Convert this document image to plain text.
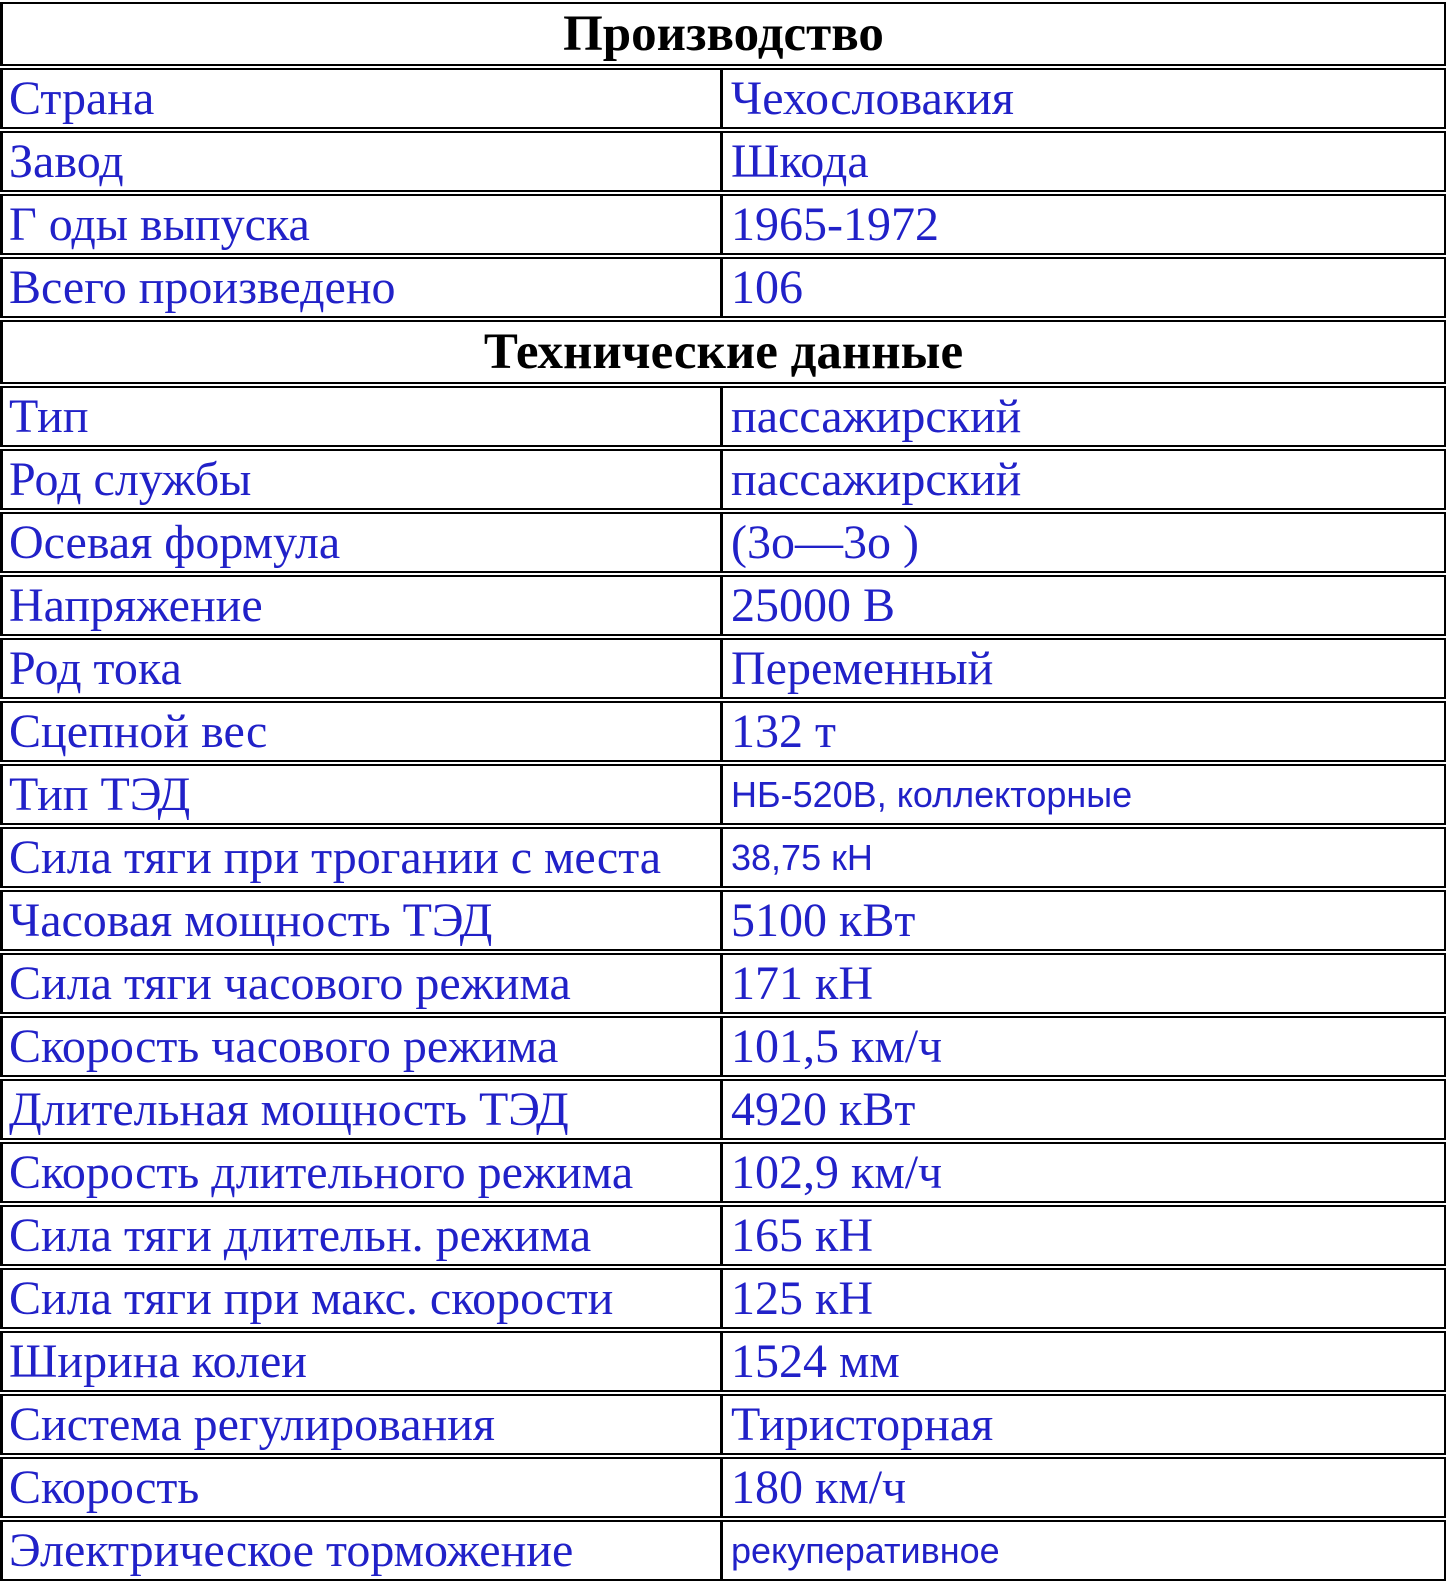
Производство	
Страна	Чехословакия
Завод	Шкода
Г оды выпуска	1965-1972
Всего произведено	106
Технические данные	
Тип	пассажирский
Род службы	пассажирский
Осевая формула	(3о—3о )
Напряжение	25000 В
Род тока	Переменный
Сцепной вес	132 т
Тип ТЭД	НБ-520В, коллекторные
Сила тяги при трогании с места	38,75 кН
Часовая мощность ТЭД	5100 кВт
Сила тяги часового режима	171 кН
Скорость часового режима	101,5 км/ч
Длительная мощность ТЭД	4920 кВт
Скорость длительного режима	102,9 км/ч
Сила тяги длительн. режима	165 кН
Сила тяги при макс. скорости	125 кН
Ширина колеи	1524 мм
Система регулирования	Тиристорная
Скорость	180 км/ч
Электрическое торможение	рекуперативное
